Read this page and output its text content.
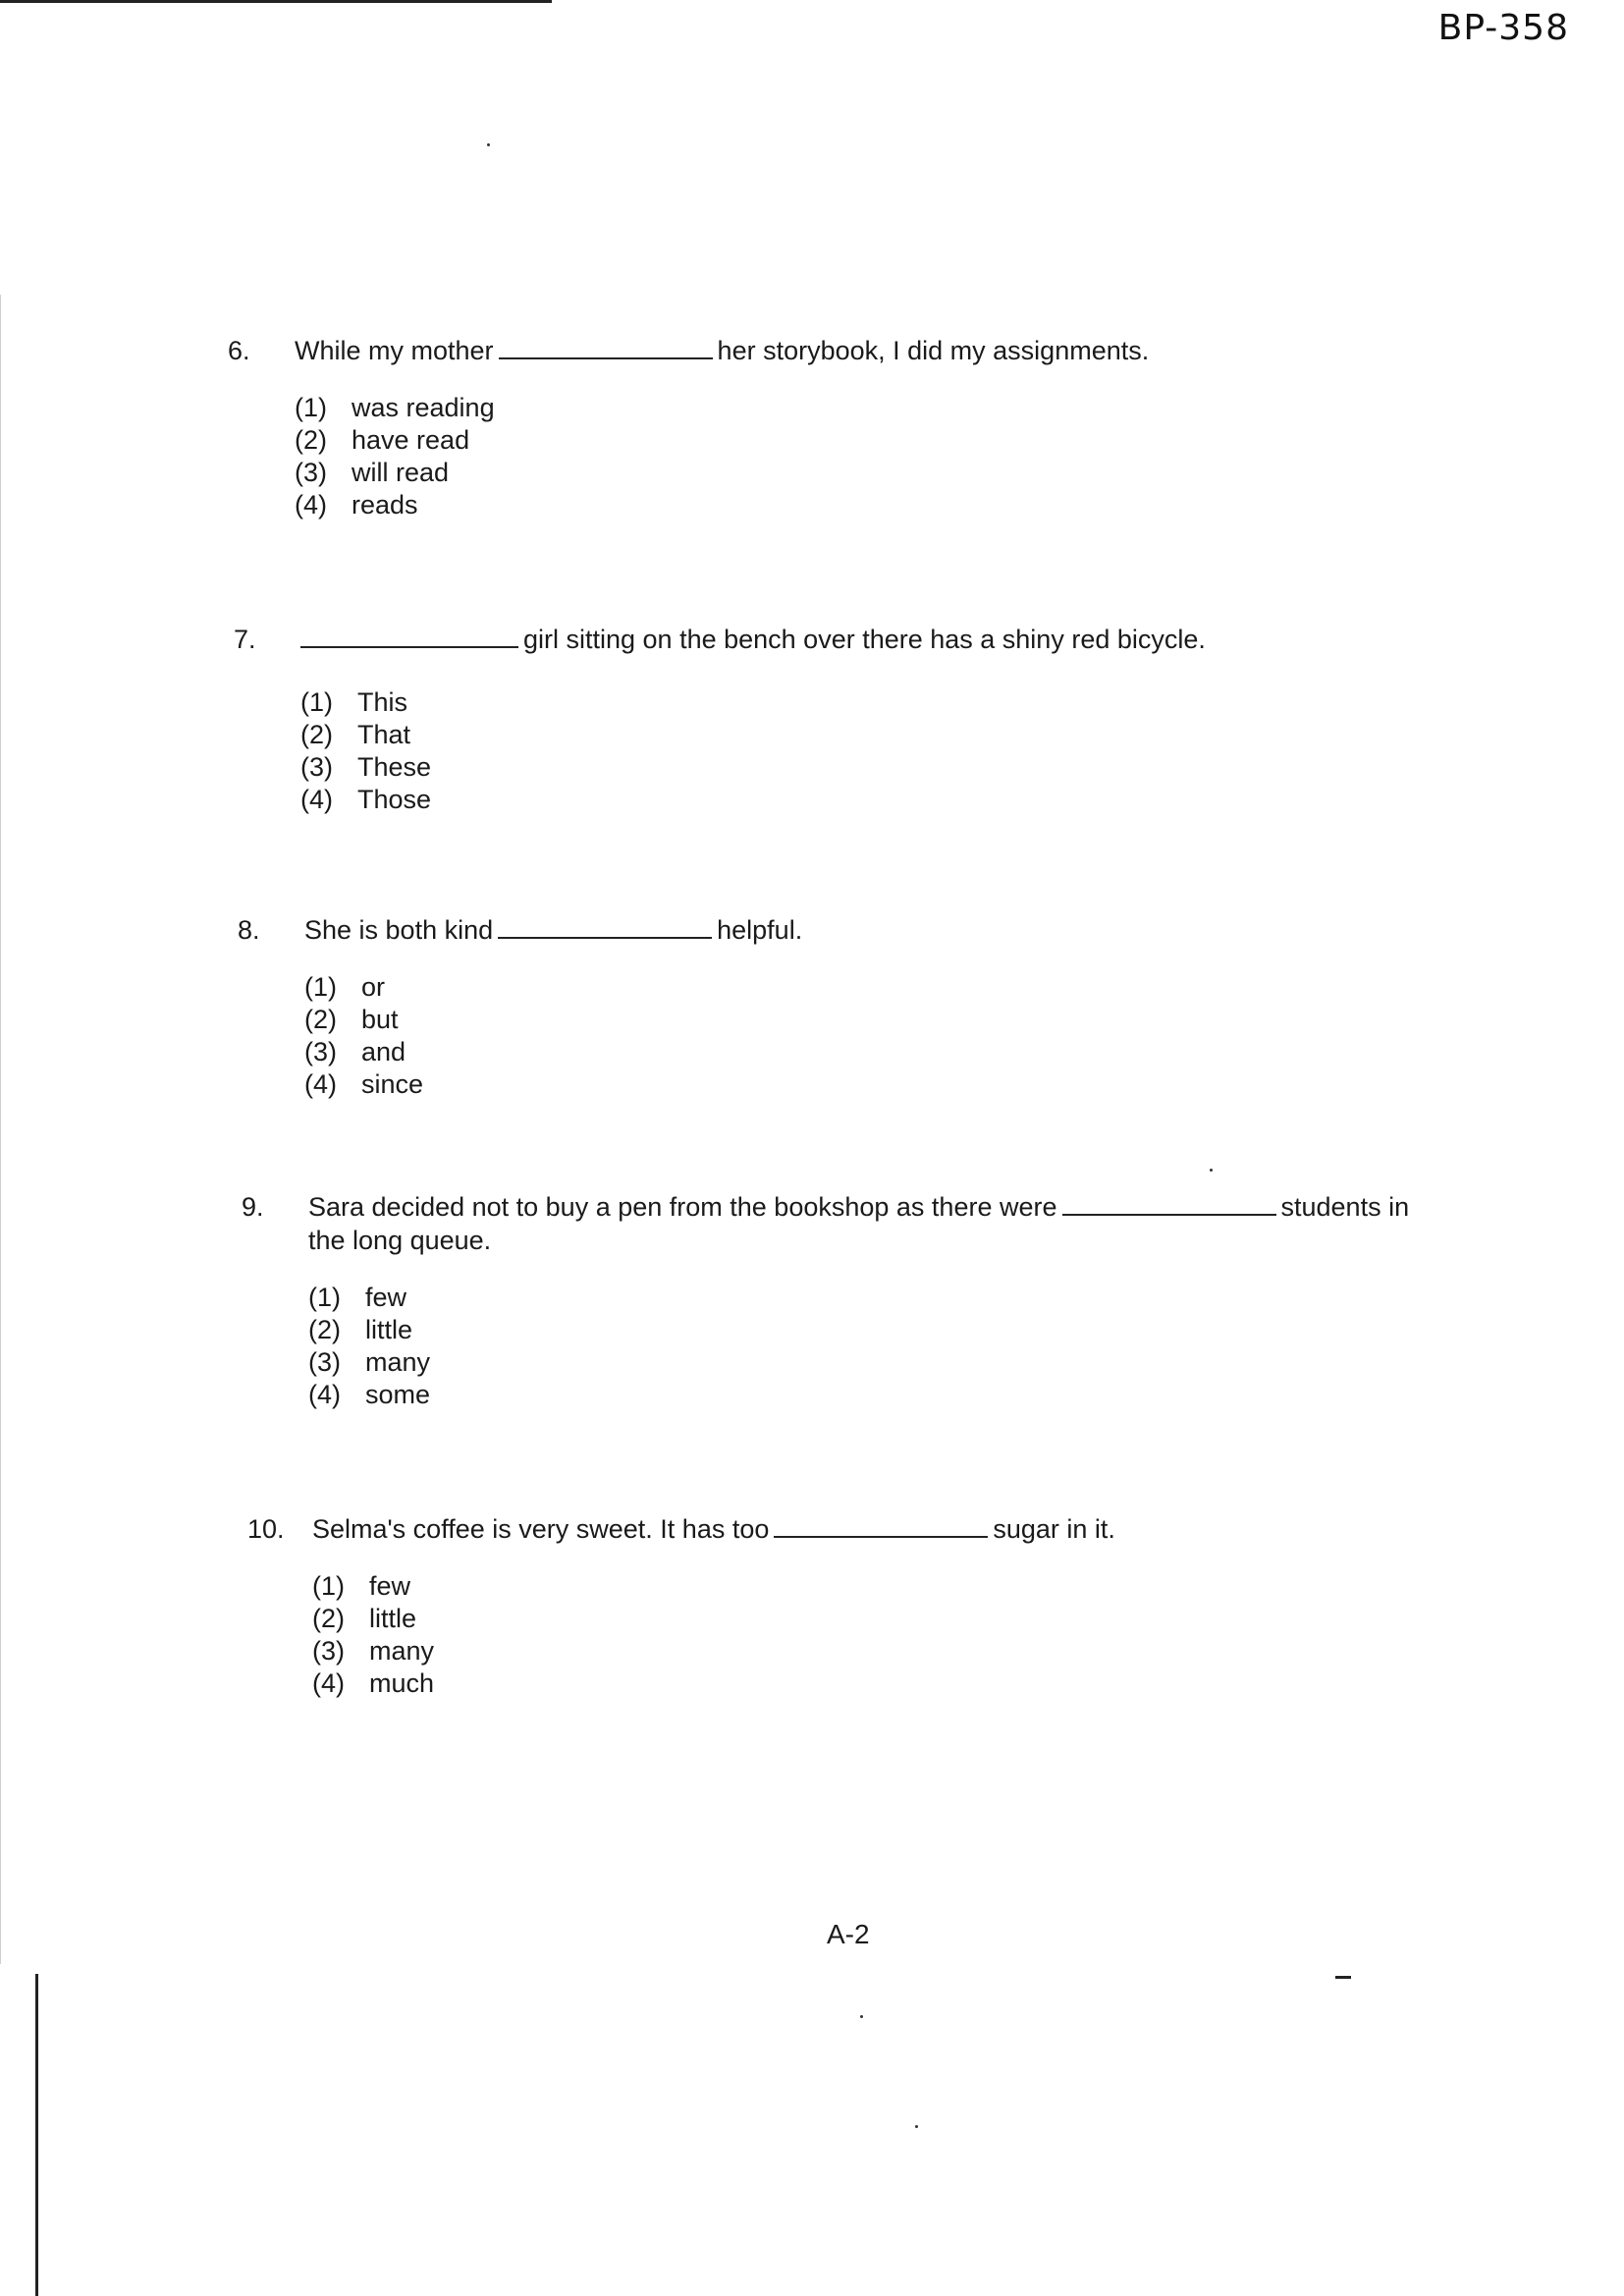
BP-358
6.	While my mother	her storybook, I did my assignments.
(1) was reading
(2) have read
(3) will read
(4) reads
7.	girl sitting on the bench over there has a shiny red bicycle.
(1) This
(2) That
(3) These
(4) Those
8.	She is both kind	helpful.
(1) or
(2) but
(3) and
(4) since
9.	Sara decided not to buy a pen from the bookshop as there were	students in
the long queue.
(1) few
(2) little
(3) many
(4) some
10.	Selma's coffee is very sweet. It has too	sugar in it.
(1) few
(2) little
(3) many
(4) much
A-2
